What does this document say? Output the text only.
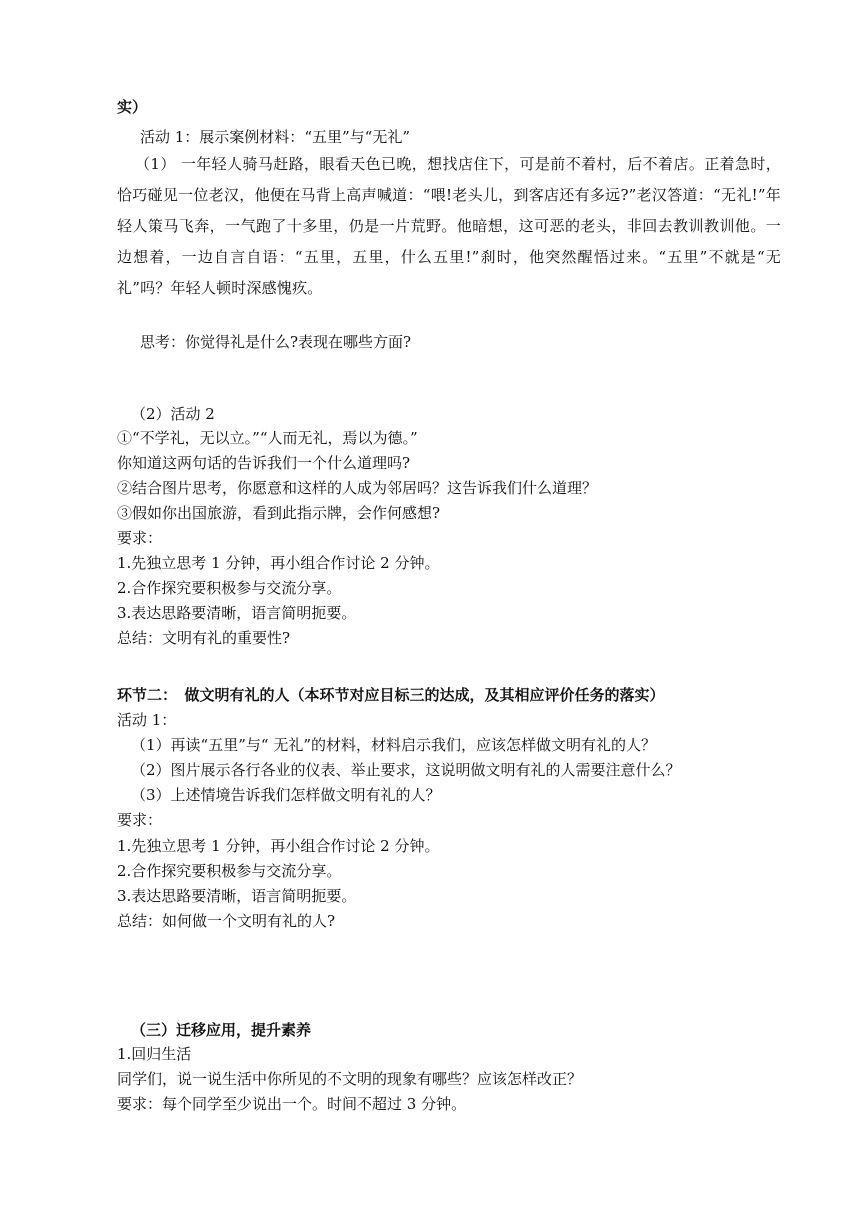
实）
活动 1：展示案例材料：“五里”与“无礼”

（1） 一年轻人骑马赶路，眼看天色已晚，想找店住下，可是前不着村，后不着店。正着急时，恰巧碰见一位老汉，他便在马背上高声喊道：“喂!老头儿，到客店还有多远?”老汉答道：“无礼!”年轻人策马飞奔，一气跑了十多里，仍是一片荒野。他暗想，这可恶的老头，非回去教训教训他。一边想着，一边自言自语：“五里，五里，什么五里!”刹时，他突然醒悟过来。“五里”不就是“无礼”吗？年轻人顿时深感愧疚。

思考：你觉得礼是什么?表现在哪些方面?
（2）活动 2
①“不学礼，无以立。”“人而无礼，焉以为德。”
你知道这两句话的告诉我们一个什么道理吗?
②结合图片思考，你愿意和这样的人成为邻居吗？这告诉我们什么道理？
③假如你出国旅游，看到此指示牌，会作何感想?
要求：
1.先独立思考 1 分钟，再小组合作讨论 2 分钟。
2.合作探究要积极参与交流分享。
3.表达思路要清晰，语言简明扼要。
总结：文明有礼的重要性?
环节二：　做文明有礼的人（本环节对应目标三的达成，及其相应评价任务的落实）
活动 1：
（1）再读“五里”与“ 无礼”的材料，材料启示我们，应该怎样做文明有礼的人？
（2）图片展示各行各业的仪表、举止要求，这说明做文明有礼的人需要注意什么？
（3）上述情境告诉我们怎样做文明有礼的人？
要求：
1.先独立思考 1 分钟，再小组合作讨论 2 分钟。
2.合作探究要积极参与交流分享。
3.表达思路要清晰，语言简明扼要。
总结：如何做一个文明有礼的人?
（三）迁移应用，提升素养
1.回归生活
同学们，说一说生活中你所见的不文明的现象有哪些？应该怎样改正？
要求：每个同学至少说出一个。时间不超过 3 分钟。
